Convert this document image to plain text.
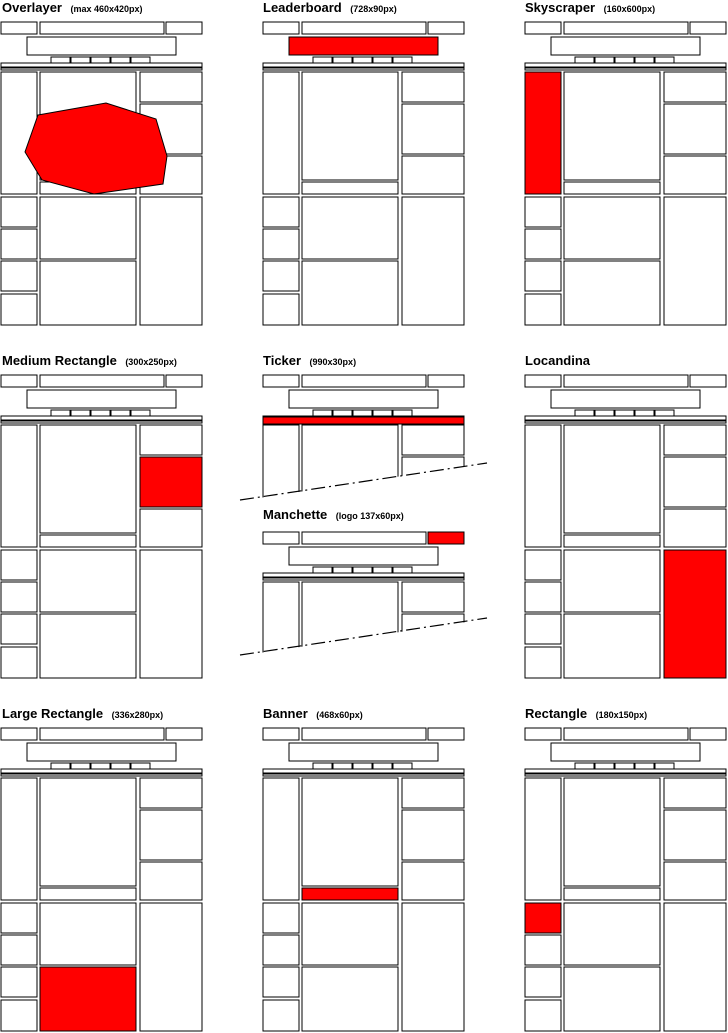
Overlayer (max 460x420px)	Leaderboard (728x90px)	Skyscraper (160x600px)
Medium Rectangle (300x250px)	Ticker (990x30px)	Locandina
Manchette (logo 137x60px)
Large Rectangle (336x280px)	Banner (468x60px)	Rectangle (180x150px)
